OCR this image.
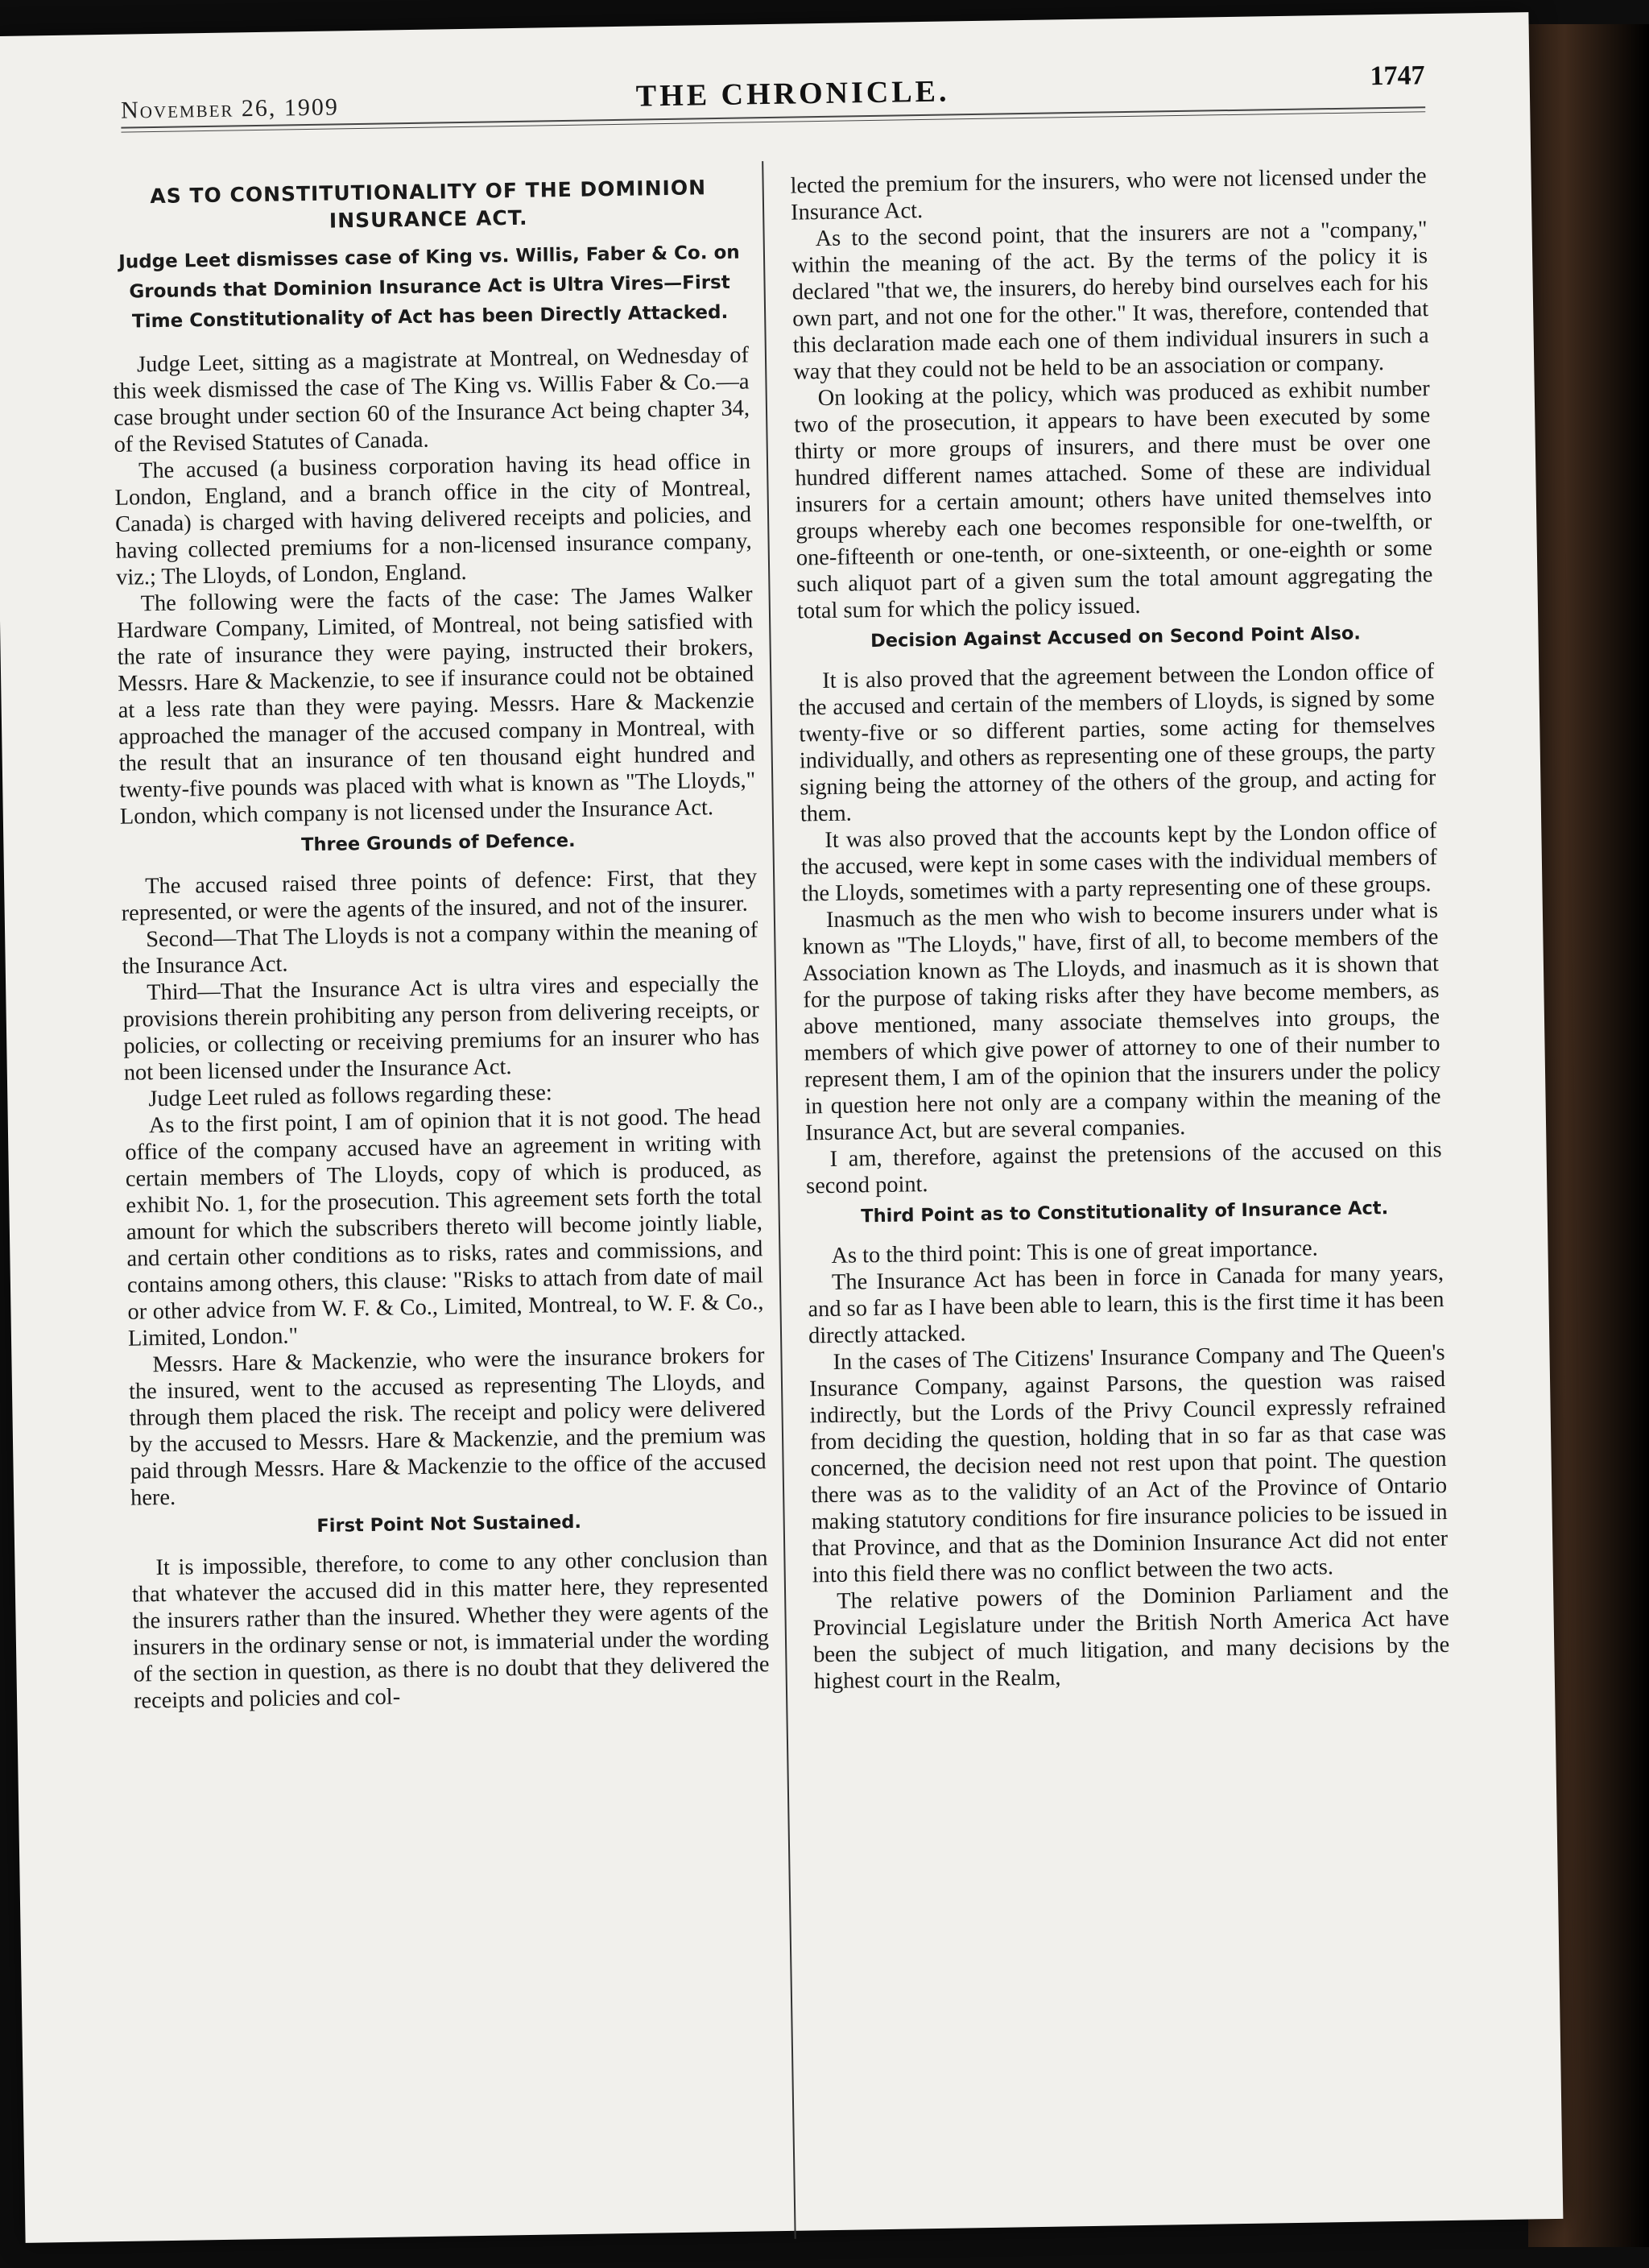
November 26, 1909	THE CHRONICLE.	1747
AS TO CONSTITUTIONALITY OF THE DOMINION INSURANCE ACT.
Judge Leet dismisses case of King vs. Willis, Faber & Co. on Grounds that Dominion Insurance Act is Ultra Vires—First Time Constitutionality of Act has been Directly Attacked.

Judge Leet, sitting as a magistrate at Montreal, on Wednesday of this week dismissed the case of The King vs. Willis Faber & Co.—a case brought under section 60 of the Insurance Act being chapter 34, of the Revised Statutes of Canada.

The accused (a business corporation having its head office in London, England, and a branch office in the city of Montreal, Canada) is charged with having delivered receipts and policies, and having collected premiums for a non-licensed insurance company, viz.; The Lloyds, of London, England.

The following were the facts of the case: The James Walker Hardware Company, Limited, of Montreal, not being satisfied with the rate of insurance they were paying, instructed their brokers, Messrs. Hare & Mackenzie, to see if insurance could not be obtained at a less rate than they were paying. Messrs. Hare & Mackenzie approached the manager of the accused company in Montreal, with the result that an insurance of ten thousand eight hundred and twenty-five pounds was placed with what is known as "The Lloyds," London, which company is not licensed under the Insurance Act.

Three Grounds of Defence.

The accused raised three points of defence: First, that they represented, or were the agents of the insured, and not of the insurer.

Second—That The Lloyds is not a company within the meaning of the Insurance Act.

Third—That the Insurance Act is ultra vires and especially the provisions therein prohibiting any person from delivering receipts, or policies, or collecting or receiving premiums for an insurer who has not been licensed under the Insurance Act.

Judge Leet ruled as follows regarding these:

As to the first point, I am of opinion that it is not good. The head office of the company accused have an agreement in writing with certain members of The Lloyds, copy of which is produced, as exhibit No. 1, for the prosecution. This agreement sets forth the total amount for which the subscribers thereto will become jointly liable, and certain other conditions as to risks, rates and commissions, and contains among others, this clause: "Risks to attach from date of mail or other advice from W. F. & Co., Limited, Montreal, to W. F. & Co., Limited, London."

Messrs. Hare & Mackenzie, who were the insurance brokers for the insured, went to the accused as representing The Lloyds, and through them placed the risk. The receipt and policy were delivered by the accused to Messrs. Hare & Mackenzie, and the premium was paid through Messrs. Hare & Mackenzie to the office of the accused here.

First Point Not Sustained.

It is impossible, therefore, to come to any other conclusion than that whatever the accused did in this matter here, they represented the insurers rather than the insured. Whether they were agents of the insurers in the ordinary sense or not, is immaterial under the wording of the section in question, as there is no doubt that they delivered the receipts and policies and col-

lected the premium for the insurers, who were not licensed under the Insurance Act.

As to the second point, that the insurers are not a "company," within the meaning of the act. By the terms of the policy it is declared "that we, the insurers, do hereby bind ourselves each for his own part, and not one for the other." It was, therefore, contended that this declaration made each one of them individual insurers in such a way that they could not be held to be an association or company.

On looking at the policy, which was produced as exhibit number two of the prosecution, it appears to have been executed by some thirty or more groups of insurers, and there must be over one hundred different names attached. Some of these are individual insurers for a certain amount; others have united themselves into groups whereby each one becomes responsible for one-twelfth, or one-fifteenth or one-tenth, or one-sixteenth, or one-eighth or some such aliquot part of a given sum the total amount aggregating the total sum for which the policy issued.

Decision Against Accused on Second Point Also.

It is also proved that the agreement between the London office of the accused and certain of the members of Lloyds, is signed by some twenty-five or so different parties, some acting for themselves individually, and others as representing one of these groups, the party signing being the attorney of the others of the group, and acting for them.

It was also proved that the accounts kept by the London office of the accused, were kept in some cases with the individual members of the Lloyds, sometimes with a party representing one of these groups.

Inasmuch as the men who wish to become insurers under what is known as "The Lloyds," have, first of all, to become members of the Association known as The Lloyds, and inasmuch as it is shown that for the purpose of taking risks after they have become members, as above mentioned, many associate themselves into groups, the members of which give power of attorney to one of their number to represent them, I am of the opinion that the insurers under the policy in question here not only are a company within the meaning of the Insurance Act, but are several companies.

I am, therefore, against the pretensions of the accused on this second point.

Third Point as to Constitutionality of Insurance Act.

As to the third point: This is one of great importance.

The Insurance Act has been in force in Canada for many years, and so far as I have been able to learn, this is the first time it has been directly attacked.

In the cases of The Citizens' Insurance Company and The Queen's Insurance Company, against Parsons, the question was raised indirectly, but the Lords of the Privy Council expressly refrained from deciding the question, holding that in so far as that case was concerned, the decision need not rest upon that point. The question there was as to the validity of an Act of the Province of Ontario making statutory conditions for fire insurance policies to be issued in that Province, and that as the Dominion Insurance Act did not enter into this field there was no conflict between the two acts.

The relative powers of the Dominion Parliament and the Provincial Legislature under the British North America Act have been the subject of much litigation, and many decisions by the highest court in the Realm,
